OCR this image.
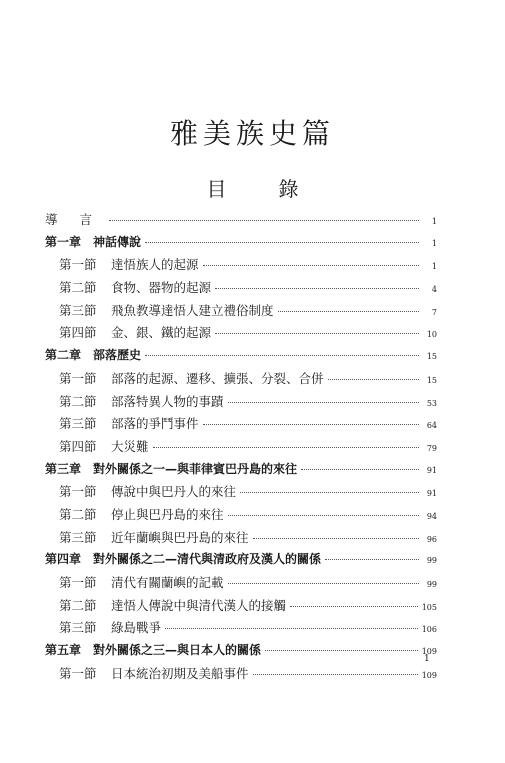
雅美族史篇
目	錄
導 言	1
第一章 神話傳說	1
第一節	達悟族人的起源	1
第二節	食物、器物的起源	4
第三節	飛魚教導達悟人建立禮俗制度	7
第四節	金、銀、鐵的起源	10
第二章 部落歷史	15
第一節	部落的起源、遷移、擴張、分裂、合併	15
第二節	部落特異人物的事蹟	53
第三節	部落的爭鬥事件	64
第四節	大災難	79
第三章 對外關係之一—與菲律賓巴丹島的來往	91
第一節	傳說中與巴丹人的來往	91
第二節	停止與巴丹島的來往	94
第三節	近年蘭嶼與巴丹島的來往	96
第四章 對外關係之二—清代與清政府及漢人的關係	99
第一節	清代有關蘭嶼的記載	99
第二節	達悟人傳說中與清代漢人的接觸	105
第三節	綠島戰爭	106
第五章 對外關係之三—與日本人的關係	109
第一節	日本統治初期及美船事件	109
1
